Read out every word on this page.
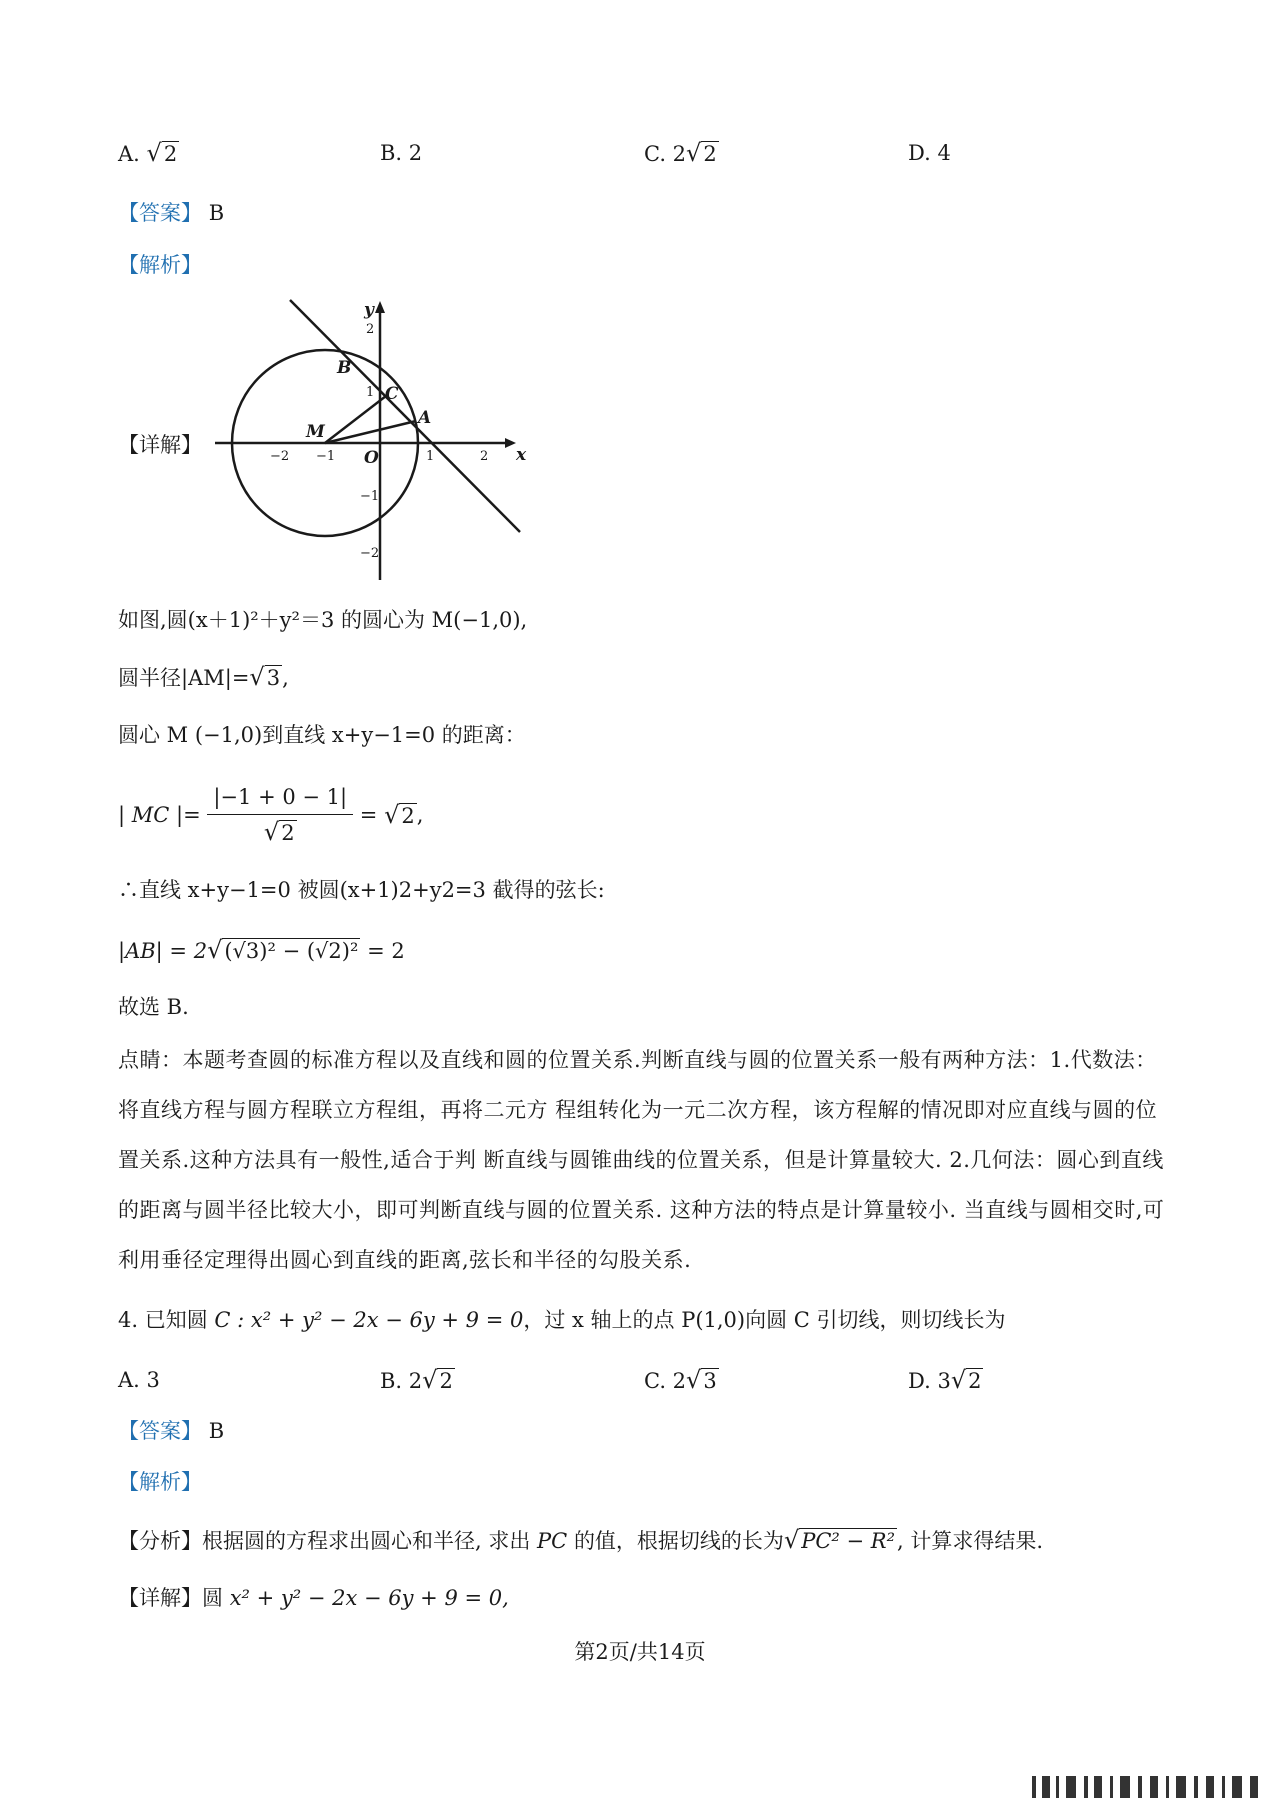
A. √2	B. 2	C. 2√2	D. 4
【答案】 B
【解析】
【详解】	x
y
B
C
A
M
O
−2 −1	1	2
2
1
−1
−2
如图,圆(x＋1)²＋y²＝3 的圆心为 M(−1,0),
圆半径|AM|=√3,
圆心 M (−1,0)到直线 x+y−1=0 的距离：
| MC |= $\frac{|-1 + 0 - 1|}{√2} = √2$,
∴直线 x+y−1=0 被圆(x+1)2+y2=3 截得的弦长:
|AB| = 2√(√3)² − (√2)² = 2
故选 B.
点睛：本题考查圆的标准方程以及直线和圆的位置关系.判断直线与圆的位置关系一般有两种方法：1.代数法：将直线方程与圆方程联立方程组，再将二元方 程组转化为一元二次方程，该方程解的情况即对应直线与圆的位置关系.这种方法具有一般性,适合于判 断直线与圆锥曲线的位置关系，但是计算量较大. 2.几何法：圆心到直线的距离与圆半径比较大小，即可判断直线与圆的位置关系. 这种方法的特点是计算量较小. 当直线与圆相交时,可利用垂径定理得出圆心到直线的距离,弦长和半径的勾股关系.
4. 已知圆 C : x² + y² − 2x − 6y + 9 = 0，过 x 轴上的点 P(1,0)向圆 C 引切线，则切线长为
A. 3	B. 2√2	C. 2√3	D. 3√2
【答案】 B
【解析】
【分析】根据圆的方程求出圆心和半径, 求出 PC 的值，根据切线的长为√PC² − R², 计算求得结果.
【详解】圆 x² + y² − 2x − 6y + 9 = 0,
第2页/共14页
